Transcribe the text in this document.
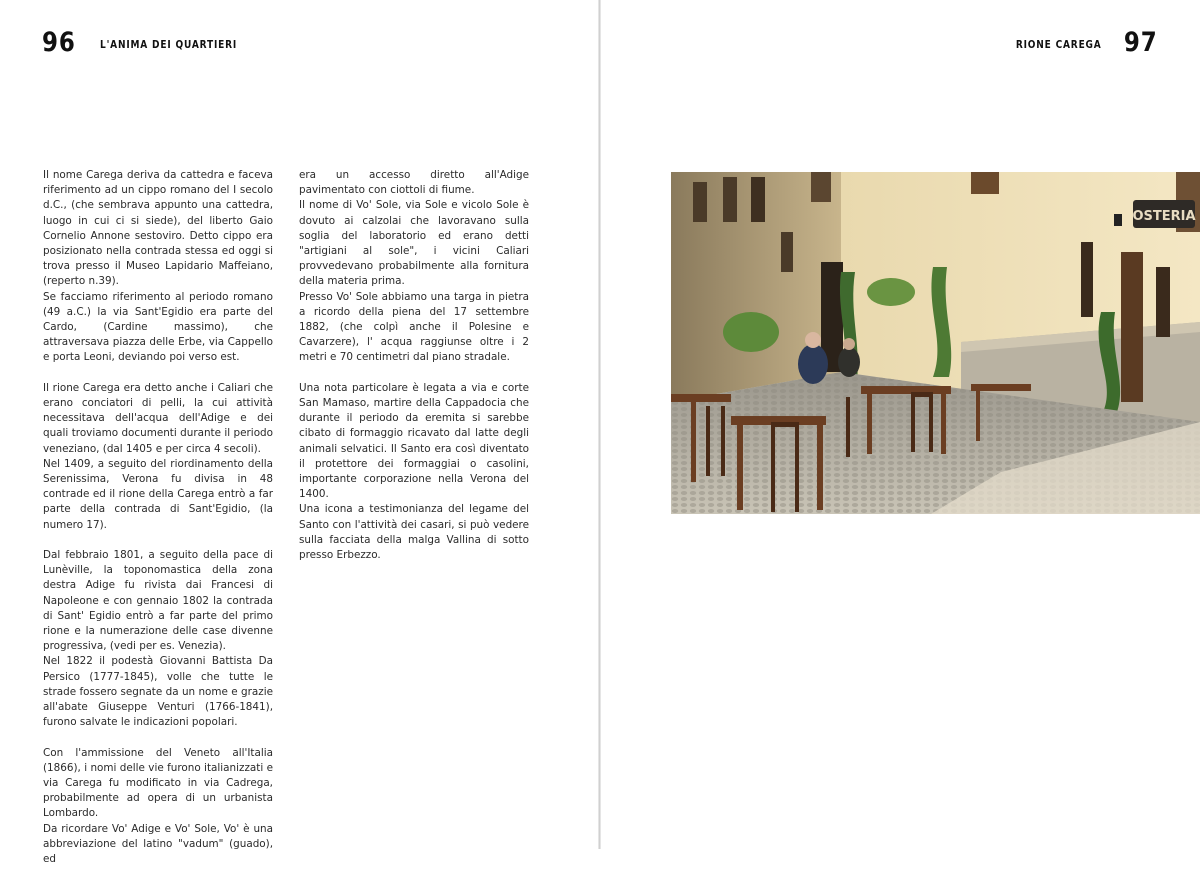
96 L'ANIMA DEI QUARTIERI

Il nome Carega deriva da cattedra e faceva riferimento ad un cippo romano del I secolo d.C., (che sembrava appunto una cattedra, luogo in cui ci si siede), del liberto Gaio Cornelio Annone sestoviro. Detto cippo era posizionato nella contrada stessa ed oggi si trova presso il Museo Lapidario Maffeiano, (reperto n.39).
Se facciamo riferimento al periodo romano (49 a.C.) la via Sant'Egidio era parte del Cardo, (Cardine massimo), che attraversava piazza delle Erbe, via Cappello e porta Leoni, deviando poi verso est.

Il rione Carega era detto anche i Caliari che erano conciatori di pelli, la cui attività necessitava dell'acqua dell'Adige e dei quali troviamo documenti durante il periodo veneziano, (dal 1405 e per circa 4 secoli).
Nel 1409, a seguito del riordinamento della Serenissima, Verona fu divisa in 48 contrade ed il rione della Carega entrò a far parte della contrada di Sant'Egidio, (la numero 17).

Dal febbraio 1801, a seguito della pace di Lunèville, la toponomastica della zona destra Adige fu rivista dai Francesi di Napoleone e con gennaio 1802 la contrada di Sant' Egidio entrò a far parte del primo rione e la numerazione delle case divenne progressiva, (vedi per es. Venezia).
Nel 1822 il podestà Giovanni Battista Da Persico (1777-1845), volle che tutte le strade fossero segnate da un nome e grazie all'abate Giuseppe Venturi (1766-1841), furono salvate le indicazioni popolari.

Con l'ammissione del Veneto all'Italia (1866), i nomi delle vie furono italianizzati e via Carega fu modificato in via Cadrega, probabilmente ad opera di un urbanista Lombardo.
Da ricordare Vo' Adige e Vo' Sole, Vo' è una abbreviazione del latino "vadum" (guado), ed

era un accesso diretto all'Adige pavimentato con ciottoli di fiume.
Il nome di Vo' Sole, via Sole e vicolo Sole è dovuto ai calzolai che lavoravano sulla soglia del laboratorio ed erano detti "artigiani al sole", i vicini Caliari provvedevano probabilmente alla fornitura della materia prima.
Presso Vo' Sole abbiamo una targa in pietra a ricordo della piena del 17 settembre 1882, (che colpì anche il Polesine e Cavarzere), l' acqua raggiunse oltre i 2 metri e 70 centimetri dal piano stradale.

Una nota particolare è legata a via e corte San Mamaso, martire della Cappadocia che durante il periodo da eremita si sarebbe cibato di formaggio ricavato dal latte degli animali selvatici. Il Santo era così diventato il protettore dei formaggiai o casolini, importante corporazione nella Verona del 1400.
Una icona a testimonianza del legame del Santo con l'attività dei casari, si può vedere sulla facciata della malga Vallina di sotto presso Erbezzo.

97
RIONE CAREGA
OSTERIA
